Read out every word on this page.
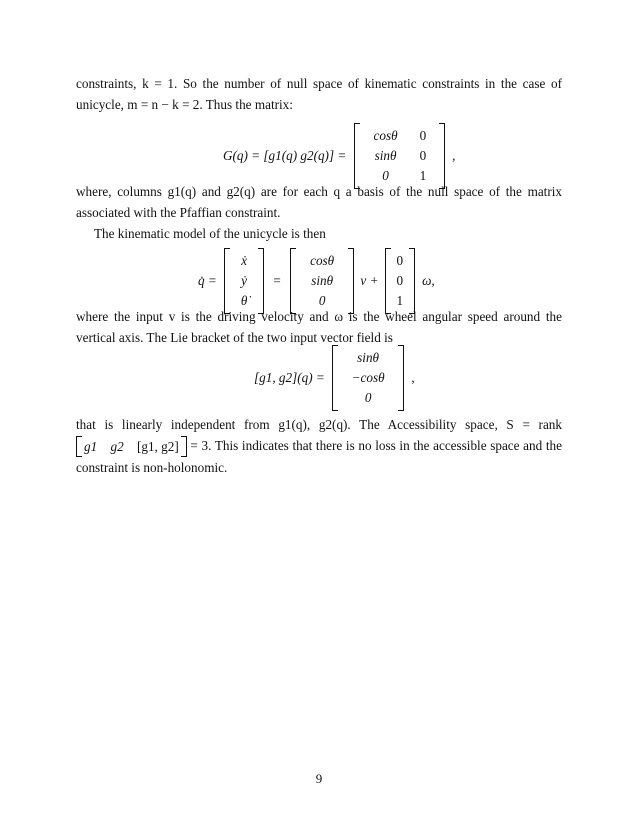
constraints, k = 1. So the number of null space of kinematic constraints in the case of unicycle, m = n − k = 2. Thus the matrix:
G(q) = [g1(q) g2(q)] =
cosθ
sinθ
0

0
0
1
,
where, columns g1(q) and g2(q) are for each q a basis of the null space of the matrix associated with the Pfaffian constraint.
The kinematic model of the unicycle is then
q̇ =
ẋ
ẏ
θ̇
=
cosθ
sinθ
0
v +
0
0
1
ω,
where the input v is the driving velocity and ω is the wheel angular speed around the vertical axis. The Lie bracket of the two input vector field is
[g1, g2](q) =
sinθ
−cosθ
0
,
that is linearly independent from g1(q), g2(q). The Accessibility space, S = rank
g1 g2 [g1, g2] = 3. This indicates that there is no loss in the accessible space and the constraint is non-holonomic.
9
